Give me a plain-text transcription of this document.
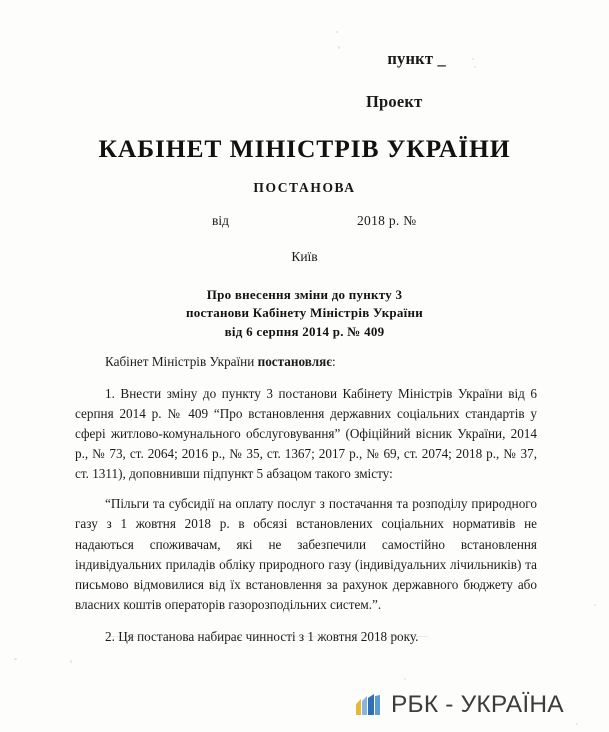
пункт _

Проект

КАБІНЕТ МІНІСТРІВ УКРАЇНИ
ПОСТАНОВА
від	2018 р. №
Київ
Про внесення зміни до пункту 3
постанови Кабінету Міністрів України
від 6 серпня 2014 р. № 409

Кабінет Міністрів України постановляє:

1. Внести зміну до пункту 3 постанови Кабінету Міністрів України від 6 серпня 2014 р. № 409 “Про встановлення державних соціальних стандартів у сфері житлово-комунального обслуговування” (Офіційний вісник України, 2014 р., № 73, ст. 2064; 2016 р., № 35, ст. 1367; 2017 р., № 69, ст. 2074; 2018 р., № 37, ст. 1311), доповнивши підпункт 5 абзацом такого змісту:

“Пільги та субсидії на оплату послуг з постачання та розподілу природного газу з 1 жовтня 2018 р. в обсязі встановлених соціальних нормативів не надаються споживачам, які не забезпечили самостійно встановлення індивідуальних приладів обліку природного газу (індивідуальних лічильників) та письмово відмовилися від їх встановлення за рахунок державного бюджету або власних коштів операторів газорозподільних систем.”.

2. Ця постанова набирає чинності з 1 жовтня 2018 року.

РБК - УКРАЇНА
